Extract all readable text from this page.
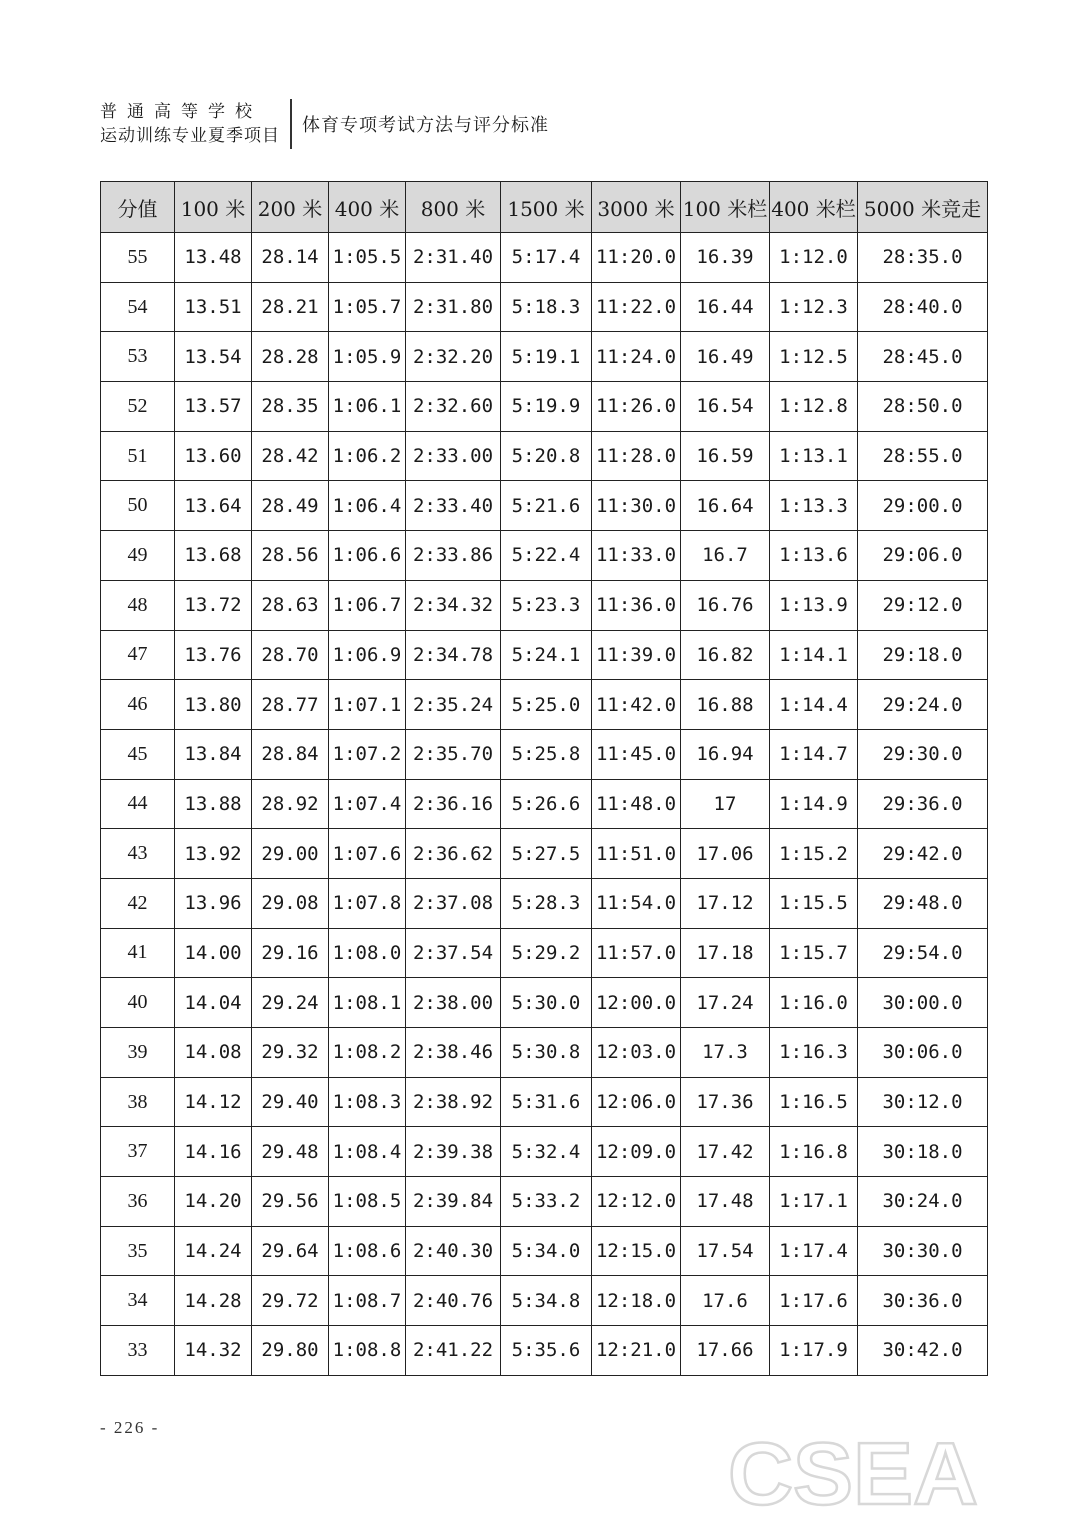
普通高等学校
运动训练专业夏季项目 体育专项考试方法与评分标准
分值	100 米	200 米	400 米	800 米	1500 米	3000 米	100 米栏	400 米栏	5000 米竞走
55	13.48	28.14	1:05.5	2:31.40	5:17.4	11:20.0	16.39	1:12.0	28:35.0
54	13.51	28.21	1:05.7	2:31.80	5:18.3	11:22.0	16.44	1:12.3	28:40.0
53	13.54	28.28	1:05.9	2:32.20	5:19.1	11:24.0	16.49	1:12.5	28:45.0
52	13.57	28.35	1:06.1	2:32.60	5:19.9	11:26.0	16.54	1:12.8	28:50.0
51	13.60	28.42	1:06.2	2:33.00	5:20.8	11:28.0	16.59	1:13.1	28:55.0
50	13.64	28.49	1:06.4	2:33.40	5:21.6	11:30.0	16.64	1:13.3	29:00.0
49	13.68	28.56	1:06.6	2:33.86	5:22.4	11:33.0	16.7	1:13.6	29:06.0
48	13.72	28.63	1:06.7	2:34.32	5:23.3	11:36.0	16.76	1:13.9	29:12.0
47	13.76	28.70	1:06.9	2:34.78	5:24.1	11:39.0	16.82	1:14.1	29:18.0
46	13.80	28.77	1:07.1	2:35.24	5:25.0	11:42.0	16.88	1:14.4	29:24.0
45	13.84	28.84	1:07.2	2:35.70	5:25.8	11:45.0	16.94	1:14.7	29:30.0
44	13.88	28.92	1:07.4	2:36.16	5:26.6	11:48.0	17	1:14.9	29:36.0
43	13.92	29.00	1:07.6	2:36.62	5:27.5	11:51.0	17.06	1:15.2	29:42.0
42	13.96	29.08	1:07.8	2:37.08	5:28.3	11:54.0	17.12	1:15.5	29:48.0
41	14.00	29.16	1:08.0	2:37.54	5:29.2	11:57.0	17.18	1:15.7	29:54.0
40	14.04	29.24	1:08.1	2:38.00	5:30.0	12:00.0	17.24	1:16.0	30:00.0
39	14.08	29.32	1:08.2	2:38.46	5:30.8	12:03.0	17.3	1:16.3	30:06.0
38	14.12	29.40	1:08.3	2:38.92	5:31.6	12:06.0	17.36	1:16.5	30:12.0
37	14.16	29.48	1:08.4	2:39.38	5:32.4	12:09.0	17.42	1:16.8	30:18.0
36	14.20	29.56	1:08.5	2:39.84	5:33.2	12:12.0	17.48	1:17.1	30:24.0
35	14.24	29.64	1:08.6	2:40.30	5:34.0	12:15.0	17.54	1:17.4	30:30.0
34	14.28	29.72	1:08.7	2:40.76	5:34.8	12:18.0	17.6	1:17.6	30:36.0
33	14.32	29.80	1:08.8	2:41.22	5:35.6	12:21.0	17.66	1:17.9	30:42.0
- 226 -	CSEA
